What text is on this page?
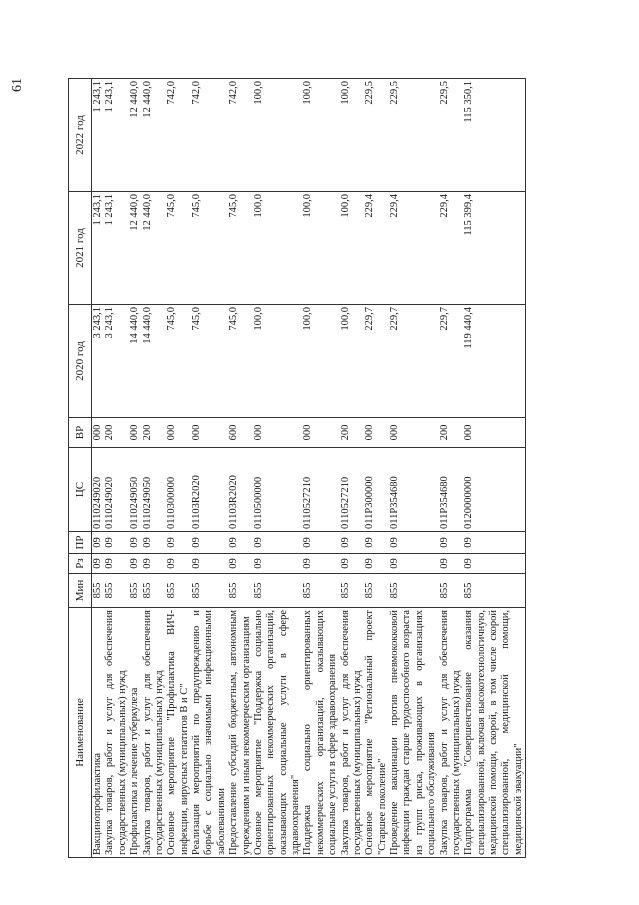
61
Наименование	Мин	Рз	ПР	ЦС	ВР	2020 год	2021 год	2022 год
Вакцинопрофилактика	855	09	09	0110249020	000	3 243,1	1 243,1	1 243,1
Закупка товаров, работ и услуг для обеспечения государственных (муниципальных) нужд	855	09	09	0110249020	200	3 243,1	1 243,1	1 243,1
Профилактика и лечение туберкулеза	855	09	09	0110249050	000	14 440,0	12 440,0	12 440,0
Закупка товаров, работ и услуг для обеспечения государственных (муниципальных) нужд	855	09	09	0110249050	200	14 440,0	12 440,0	12 440,0
Основное мероприятие "Профилактика ВИЧ-инфекции, вирусных гепатитов В и С"	855	09	09	0110300000	000	745,0	745,0	742,0
Реализация мероприятий по предупреждению и борьбе с социально значимыми инфекционными заболеваниями	855	09	09	01103R2020	000	745,0	745,0	742,0
Предоставление субсидий бюджетным, автономным учреждениям и иным некоммерческим организациям	855	09	09	01103R2020	600	745,0	745,0	742,0
Основное мероприятие "Поддержка социально ориентированных некоммерческих организаций, оказывающих социальные услуги в сфере здравоохранения"	855	09	09	0110500000	000	100,0	100,0	100,0
Поддержка социально ориентированных некоммерческих организаций, оказывающих социальные услуги в сфере здравоохранения	855	09	09	0110527210	000	100,0	100,0	100,0
Закупка товаров, работ и услуг для обеспечения государственных (муниципальных) нужд	855	09	09	0110527210	200	100,0	100,0	100,0
Основное мероприятие "Региональный проект "Старшее поколение"	855	09	09	011P300000	000	229,7	229,4	229,5
Проведение вакцинации против пневмококковой инфекции граждан старше трудоспособного возраста из групп риска, проживающих в организациях социального обслуживания	855	09	09	011P354680	000	229,7	229,4	229,5
Закупка товаров, работ и услуг для обеспечения государственных (муниципальных) нужд	855	09	09	011P354680	200	229,7	229,4	229,5
Подпрограмма "Совершенствование оказания специализированной, включая высокотехнологичную, медицинской помощи, скорой, в том числе скорой специализированной, медицинской помощи, медицинской эвакуации"	855	09	09	0120000000	000	119 440,4	115 399,4	115 350,1
